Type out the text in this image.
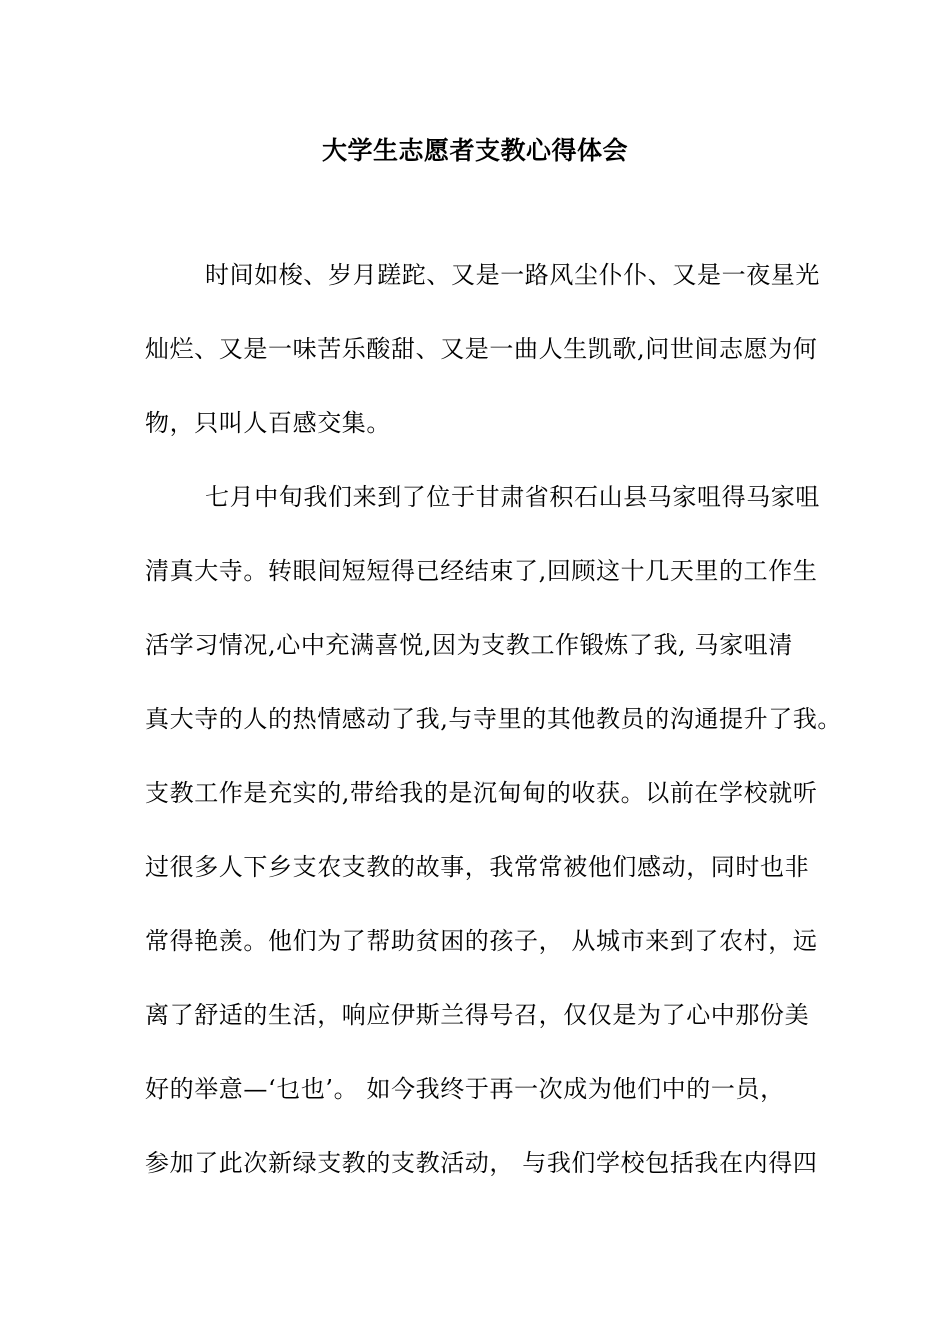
大学生志愿者支教心得体会
时间如梭、岁月蹉跎、又是一路风尘仆仆、又是一夜星光
灿烂、又是一味苦乐酸甜、又是一曲人生凯歌,问世间志愿为何
物，只叫人百感交集。
七月中旬我们来到了位于甘肃省积石山县马家咀得马家咀
清真大寺。转眼间短短得已经结束了,回顾这十几天里的工作生
活学习情况,心中充满喜悦,因为支教工作锻炼了我, 马家咀清
真大寺的人的热情感动了我,与寺里的其他教员的沟通提升了我。
支教工作是充实的,带给我的是沉甸甸的收获。以前在学校就听
过很多人下乡支农支教的故事，我常常被他们感动，同时也非
常得艳羡。他们为了帮助贫困的孩子， 从城市来到了农村，远
离了舒适的生活，响应伊斯兰得号召，仅仅是为了心中那份美
好的举意—‘乜也’。 如今我终于再一次成为他们中的一员，
参加了此次新绿支教的支教活动， 与我们学校包括我在内得四
